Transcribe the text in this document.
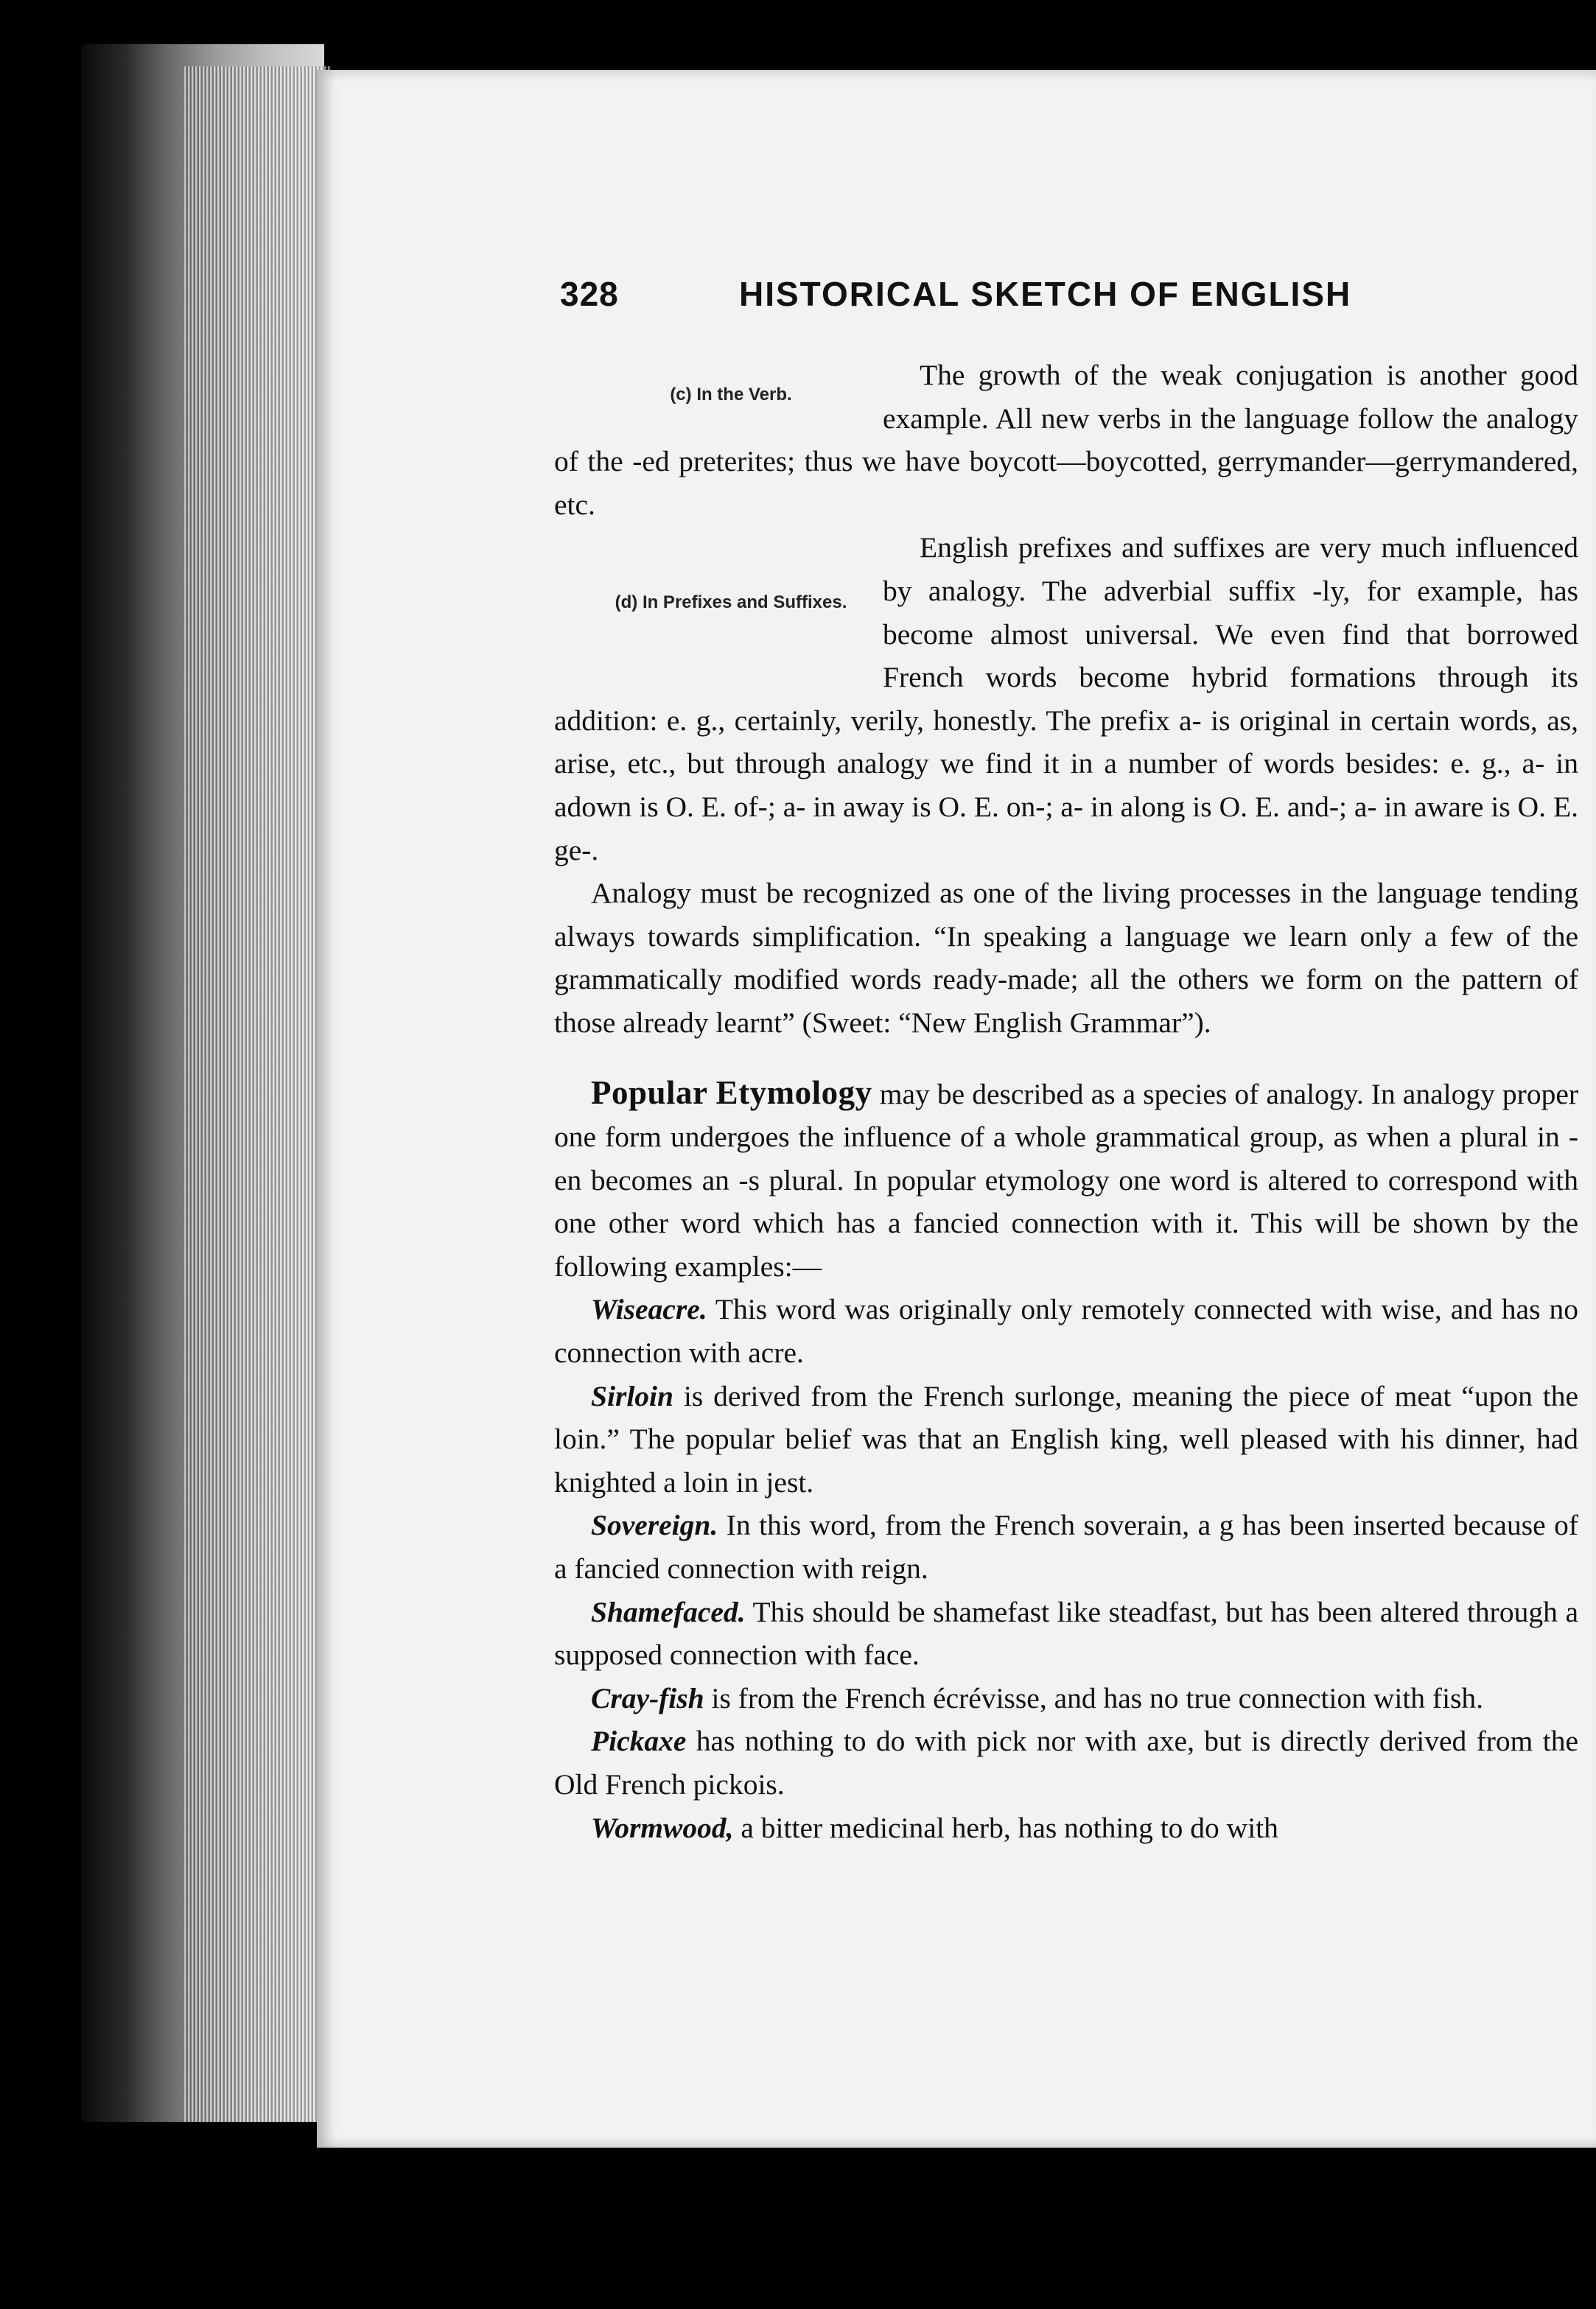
328	HISTORICAL SKETCH OF ENGLISH

(c) In the Verb.
The growth of the weak conjugation is another good example. All new verbs in the language follow the analogy of the -ed preterites; thus we have boycott—boycotted, gerrymander—gerrymandered, etc.

(d) In Prefixes and Suffixes.
English prefixes and suffixes are very much influenced by analogy. The adverbial suffix -ly, for example, has become almost universal. We even find that borrowed French words become hybrid formations through its addition: e. g., certainly, verily, honestly. The prefix a- is original in certain words, as, arise, etc., but through analogy we find it in a number of words besides: e. g., a- in adown is O. E. of-; a- in away is O. E. on-; a- in along is O. E. and-; a- in aware is O. E. ge-.

Analogy must be recognized as one of the living processes in the language tending always towards simplification. “In speaking a language we learn only a few of the grammatically modified words ready-made; all the others we form on the pattern of those already learnt” (Sweet: “New English Grammar”).

Popular Etymology may be described as a species of analogy. In analogy proper one form undergoes the influence of a whole grammatical group, as when a plural in -en becomes an -s plural. In popular etymology one word is altered to correspond with one other word which has a fancied connection with it. This will be shown by the following examples:—

Wiseacre. This word was originally only remotely connected with wise, and has no connection with acre.

Sirloin is derived from the French surlonge, meaning the piece of meat “upon the loin.” The popular belief was that an English king, well pleased with his dinner, had knighted a loin in jest.

Sovereign. In this word, from the French soverain, a g has been inserted because of a fancied connection with reign.

Shamefaced. This should be shamefast like steadfast, but has been altered through a supposed connection with face.

Cray-fish is from the French écrévisse, and has no true connection with fish.

Pickaxe has nothing to do with pick nor with axe, but is directly derived from the Old French pickois.

Wormwood, a bitter medicinal herb, has nothing to do with
